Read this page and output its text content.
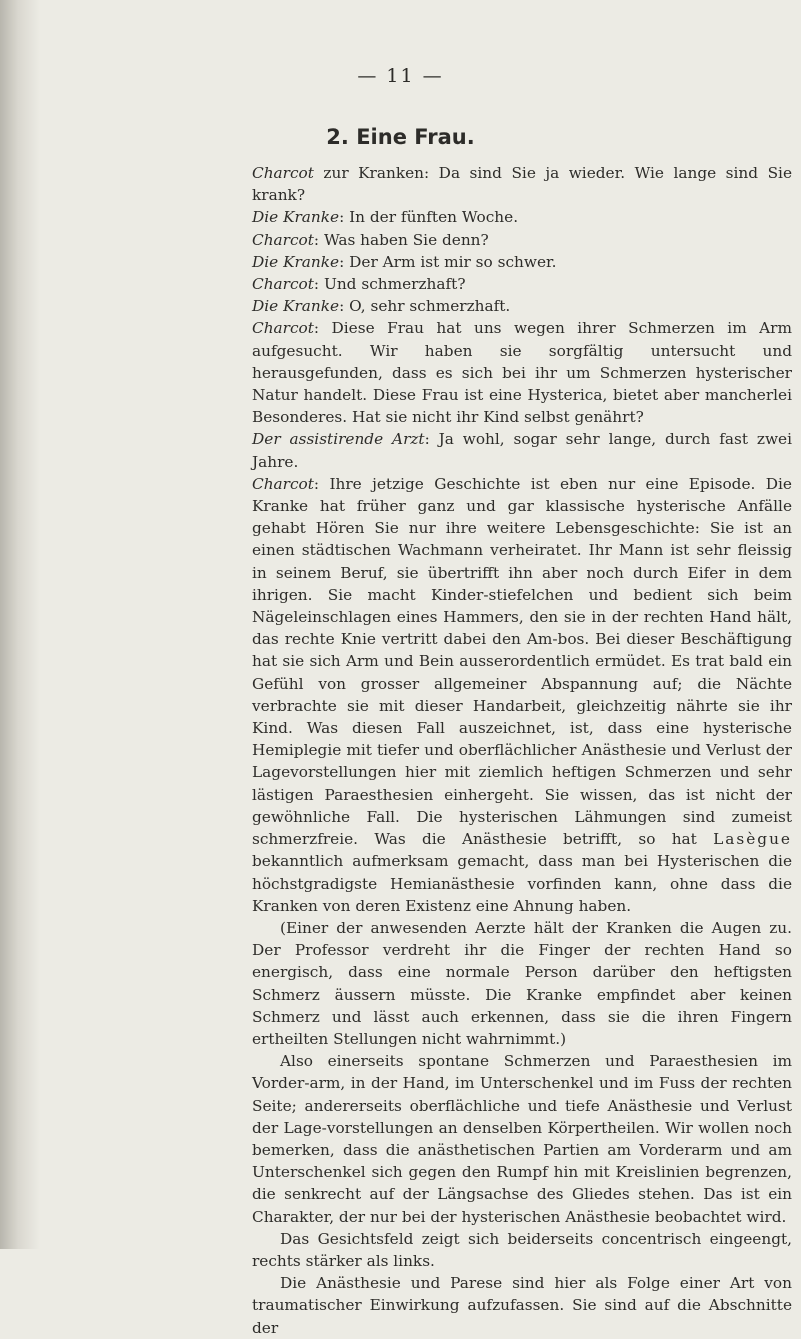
— 11 —
2. Eine Frau.

Charcot zur Kranken: Da sind Sie ja wieder. Wie lange sind Sie krank?

Die Kranke: In der fünften Woche.

Charcot: Was haben Sie denn?

Die Kranke: Der Arm ist mir so schwer.

Charcot: Und schmerzhaft?

Die Kranke: O, sehr schmerzhaft.

Charcot: Diese Frau hat uns wegen ihrer Schmerzen im Arm aufgesucht. Wir haben sie sorgfältig untersucht und herausgefunden, dass es sich bei ihr um Schmerzen hysterischer Natur handelt. Diese Frau ist eine Hysterica, bietet aber mancherlei Besonderes. Hat sie nicht ihr Kind selbst genährt?

Der assistirende Arzt: Ja wohl, sogar sehr lange, durch fast zwei Jahre.

Charcot: Ihre jetzige Geschichte ist eben nur eine Episode. Die Kranke hat früher ganz und gar klassische hysterische Anfälle gehabt Hören Sie nur ihre weitere Lebensgeschichte: Sie ist an einen städtischen Wachmann verheiratet. Ihr Mann ist sehr fleissig in seinem Beruf, sie übertrifft ihn aber noch durch Eifer in dem ihrigen. Sie macht Kinder-stiefelchen und bedient sich beim Nägeleinschlagen eines Hammers, den sie in der rechten Hand hält, das rechte Knie vertritt dabei den Am-bos. Bei dieser Beschäftigung hat sie sich Arm und Bein ausserordentlich ermüdet. Es trat bald ein Gefühl von grosser allgemeiner Abspannung auf; die Nächte verbrachte sie mit dieser Handarbeit, gleichzeitig nährte sie ihr Kind. Was diesen Fall auszeichnet, ist, dass eine hysterische Hemiplegie mit tiefer und oberflächlicher Anästhesie und Verlust der Lagevorstellungen hier mit ziemlich heftigen Schmerzen und sehr lästigen Paraesthesien einhergeht. Sie wissen, das ist nicht der gewöhnliche Fall. Die hysterischen Lähmungen sind zumeist schmerzfreie. Was die Anästhesie betrifft, so hat Lasègue bekanntlich aufmerksam gemacht, dass man bei Hysterischen die höchstgradigste Hemianästhesie vorfinden kann, ohne dass die Kranken von deren Existenz eine Ahnung haben.

(Einer der anwesenden Aerzte hält der Kranken die Augen zu. Der Professor verdreht ihr die Finger der rechten Hand so energisch, dass eine normale Person darüber den heftigsten Schmerz äussern müsste. Die Kranke empfindet aber keinen Schmerz und lässt auch erkennen, dass sie die ihren Fingern ertheilten Stellungen nicht wahrnimmt.)

Also einerseits spontane Schmerzen und Paraesthesien im Vorder-arm, in der Hand, im Unterschenkel und im Fuss der rechten Seite; andererseits oberflächliche und tiefe Anästhesie und Verlust der Lage-vorstellungen an denselben Körpertheilen. Wir wollen noch bemerken, dass die anästhetischen Partien am Vorderarm und am Unterschenkel sich gegen den Rumpf hin mit Kreislinien begrenzen, die senkrecht auf der Längsachse des Gliedes stehen. Das ist ein Charakter, der nur bei der hysterischen Anästhesie beobachtet wird.

Das Gesichtsfeld zeigt sich beiderseits concentrisch eingeengt, rechts stärker als links.

Die Anästhesie und Parese sind hier als Folge einer Art von traumatischer Einwirkung aufzufassen. Sie sind auf die Abschnitte der
